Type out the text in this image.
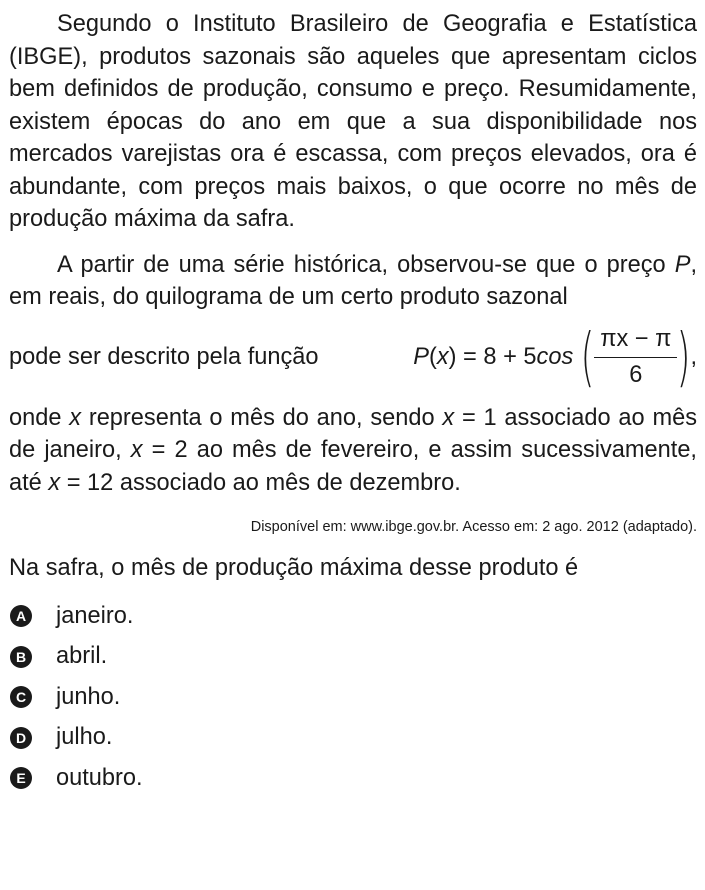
Segundo o Instituto Brasileiro de Geografia e Estatística (IBGE), produtos sazonais são aqueles que apresentam ciclos bem definidos de produção, consumo e preço. Resumidamente, existem épocas do ano em que a sua disponibilidade nos mercados varejistas ora é escassa, com preços elevados, ora é abundante, com preços mais baixos, o que ocorre no mês de produção máxima da safra.

A partir de uma série histórica, observou-se que o preço P, em reais, do quilograma de um certo produto sazonal

pode ser descrito pela função	P ( x ) = 8 + 5 cos ( $\frac{\pi x - \pi}{6}$ ) ,

onde x representa o mês do ano, sendo x = 1 associado ao mês de janeiro, x = 2 ao mês de fevereiro, e assim sucessivamente, até x = 12 associado ao mês de dezembro.

Disponível em: www.ibge.gov.br. Acesso em: 2 ago. 2012 (adaptado).

Na safra, o mês de produção máxima desse produto é

A janeiro.
B abril.
C junho.
D julho.
E outubro.
